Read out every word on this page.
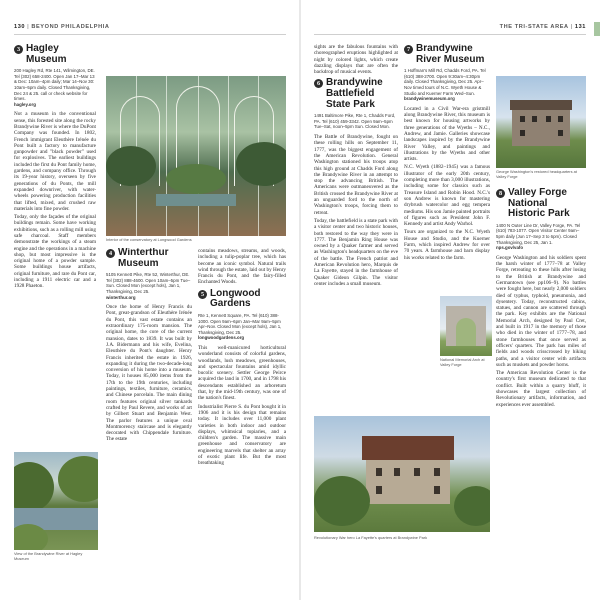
130 | BEYOND PHILADELPHIA
3 Hagley Museum
200 Hagley Rd, Rte 141, Wilmington, DE. Tel (302) 658-2400. Open Jan 17–Mar 13 & Dec: 10am–4pm daily; Mar 14–Nov 30: 10am–5pm daily. Closed Thanksgiving, Dec 24 & 25. call or check website for times.
hagley.org

Not a museum in the conventional sense, this forested site along the rocky Brandywine River is where the DuPont Company was founded. In 1802, French immigrant Eleuthère Irénée du Pont built a factory to manufacture gunpowder and "black powder" used for explosives. The earliest buildings included the first du Pont family home, gardens, and company office. Through its 19-year history, overseen by five generations of du Ponts, the mill expanded downriver, with water-wheels powering production facilities that lifted, mixed, and crushed raw materials into fine powder.

Today, only the façades of the original buildings remain. Some have working exhibitions, such as a rolling mill using safe charcoal. Staff members demonstrate the workings of a steam engine and the operations in a machine shop, but most impressive is the original home of a powder sample. Some buildings house artifacts, original furniture, and rare du Pont car, including a 1911 electric car and a 1928 Phaeton.

Interior of the conservatory at Longwood Gardens
4 Winterthur Museum
5105 Kennett Pike, Rte 52, Winterthur, DE. Tel (302) 888-4600. Open 10am–5pm Tue–Sun. Closed Mon (except hols), Jan 1, Thanksgiving, Dec 25.
winterthur.org

Once the home of Henry Francis du Pont, great-grandson of Eleuthère Irénée du Pont, this vast estate contains an extraordinary 175-room mansion. The original home, the core of the current mansion, dates to 1839. It was built by J.A. Bidermann and his wife, Evelina, Eleuthère du Pont's daughter. Henry Francis inherited the estate in 1926, expanding it during the two-decade-long conversion of his home into a museum. Today, it houses 85,000 items from the 17th to the 19th centuries, including paintings, textiles, furniture, ceramics, and Chinese porcelain. The main dining room features original silver tankards crafted by Paul Revere, and works of art by Gilbert Stuart and Benjamin West. The parlor features a unique oval Montmorency staircase and is elegantly decorated with Chippendale furniture. The estate

contains meadows, streams, and woods, including a tulip-poplar tree, which has become an iconic symbol. Natural trails wind through the estate, laid out by Henry Francis du Pont, and the fairy-filled Enchanted Woods.

5 Longwood Gardens
Rte 1, Kennett Square, PA. Tel (610) 388-1000. Open 9am–6pm Jan–Mar 9am–5pm Apr–Nov. Closed Mon (except hols), Jan 1, Thanksgiving, Dec 25.
longwoodgardens.org

This well-manicured horticultural wonderland consists of colorful gardens, woodlands, lush meadows, greenhouses, and spectacular fountains amid idyllic bucolic scenery. Settler George Peirce acquired the land in 1700, and in 1798 his descendants established an arboretum that, by the mid-19th century, was one of the nation's finest.

Industrialist Pierre S. du Pont bought it in 1906 and it is his design that remains today. It includes over 11,000 plant varieties in both indoor and outdoor displays, whimsical topiaries, and a children's garden. The massive main greenhouse and conservatory are engineering marvels that shelter an array of exotic plant life. But the most breathtaking

View of the Brandywine River at Hagley Museum
THE TRI-STATE AREA | 131

sights are the fabulous fountains with choreographed eruptions highlighted at night by colored lights, which create dazzling displays that are often the backdrop of musical events.

6 Brandywine Battlefield State Park
1491 Baltimore Pike, Rte 1, Chadds Ford, PA. Tel (610) 459-3342. Open 9am–5pm Tue–Sat, noon–5pm Sun. Closed Mon.

The Battle of Brandywine, fought on these rolling hills on September 11, 1777, was the biggest engagement of the American Revolution. General Washington stationed his troops atop this high ground at Chadds Ford along the Brandywine River in an attempt to stop the advancing British. The Americans were outmaneuvered as the British crossed the Brandywine River at an unguarded ford to the north of Washington's troops, forcing them to retreat.

Today, the battlefield is a state park with a visitor center and two historic houses, both restored to the way they were in 1777. The Benjamin Ring House was owned by a Quaker farmer and served as Washington's headquarters on the eve of the battle. The French patriot and American Revolution hero, Marquis de La Fayette, stayed in the farmhouse of Quaker Gideon Gilpin. The visitor center includes a small museum.

7 Brandywine River Museum
1 Hoffman's Mill Rd, Chadds Ford, PA. Tel (610) 388-2700. Open 9:30am–4:30pm daily. Closed Thanksgiving, Dec 25. Apr–Nov timed tours of N.C. Wyeth House & Studio and Kuerner Farm Wed–Sun.
brandywinemuseum.org

Located in a Civil War-era gristmill along Brandywine River, this museum is best known for housing artworks by three generations of the Wyeths – N.C., Andrew, and Jamie. Galleries showcase landscapes inspired by the Brandywine River Valley, and paintings and illustrations by the Wyeths and other artists.

N.C. Wyeth (1882–1945) was a famous illustrator of the early 20th century, completing more than 3,000 illustrations, including some for classics such as Treasure Island and Robin Hood. N.C.'s son Andrew is known for mastering drybrush watercolor and egg tempera mediums. His son Jamie painted portraits of figures such as President John F. Kennedy and artist Andy Warhol.

Tours are organized to the N.C. Wyeth House and Studio, and the Kuerner Farm, which inspired Andrew for over 70 years. A farmhouse and barn display his works related to the farm.

George Washington's restored headquarters at Valley Forge
8 Valley Forge National Historic Park
1400 N Outer Line Dr, Valley Forge, PA. Tel (610) 783-1077. Open Visitor Center 9am–5pm daily (Jun 17–Sep 3 to 6pm). Closed Thanksgiving, Dec 25, Jan 1.
nps.gov/vafo

George Washington and his soldiers spent the harsh winter of 1777–78 at Valley Forge, retreating to these hills after losing to the British at Brandywine and Germantown (see pp106–9). No battles were fought here, but nearly 2,000 soldiers died of typhus, typhoid, pneumonia, and dysentery. Today, reconstructed cabins, statues, and cannon are scattered through the park. Key exhibits are the National Memorial Arch, designed by Paul Cret, and built in 1917 in the memory of those who died in the winter of 1777–78, and stone farmhouses that once served as officers' quarters. The park has miles of fields and woods crisscrossed by hiking paths, and a visitor center with artifacts such as muskets and powder horns.

The American Revolution Center is the country's first museum dedicated to that conflict. Built within a quarry bluff, it showcases the largest collection of Revolutionary artifacts, information, and experiences ever assembled.

National Memorial Arch at Valley Forge
Revolutionary War hero La Fayette's quarters at Brandywine Park
